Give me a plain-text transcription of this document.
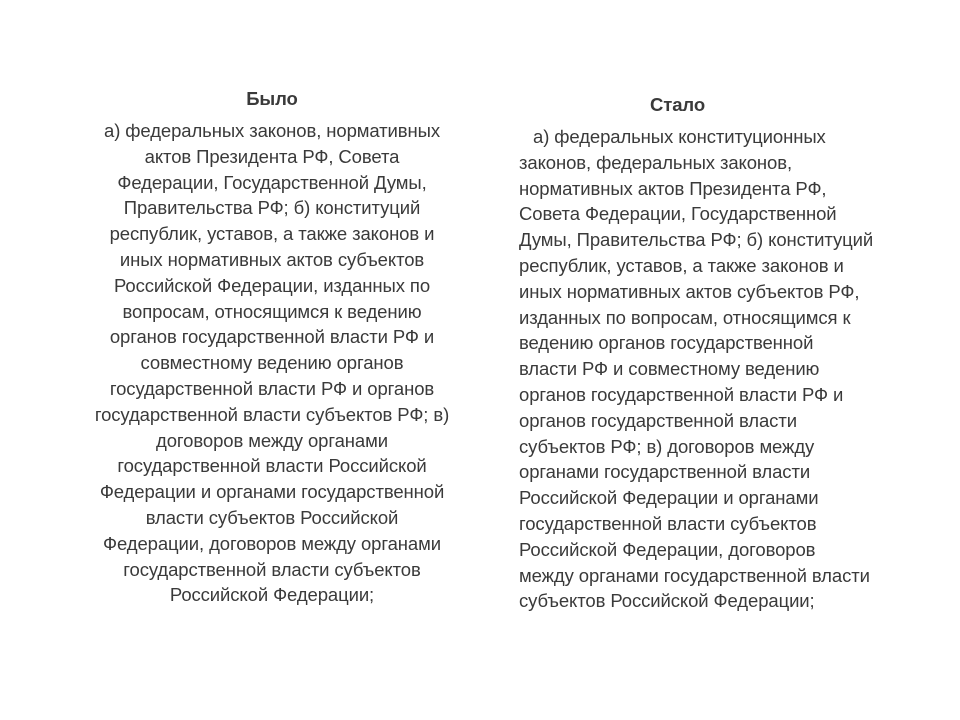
Было
а) федеральных законов, нормативных
актов Президента РФ, Совета
Федерации, Государственной Думы,
Правительства РФ; б) конституций
республик, уставов, а также законов и
иных нормативных актов субъектов
Российской Федерации, изданных по
вопросам, относящимся к ведению
органов государственной власти РФ и
совместному ведению органов
государственной власти РФ и органов
государственной власти субъектов РФ; в)
договоров между органами
государственной власти Российской
Федерации и органами государственной
власти субъектов Российской
Федерации, договоров между органами
государственной власти субъектов
Российской Федерации;
Стало
а) федеральных конституционных
законов, федеральных законов,
нормативных актов Президента РФ,
Совета Федерации, Государственной
Думы, Правительства РФ; б) конституций
республик, уставов, а также законов и
иных нормативных актов субъектов РФ,
изданных по вопросам, относящимся к
ведению органов государственной
власти РФ и совместному ведению
органов государственной власти РФ и
органов государственной власти
субъектов РФ; в) договоров между
органами государственной власти
Российской Федерации и органами
государственной власти субъектов
Российской Федерации, договоров
между органами государственной власти
субъектов Российской Федерации;
